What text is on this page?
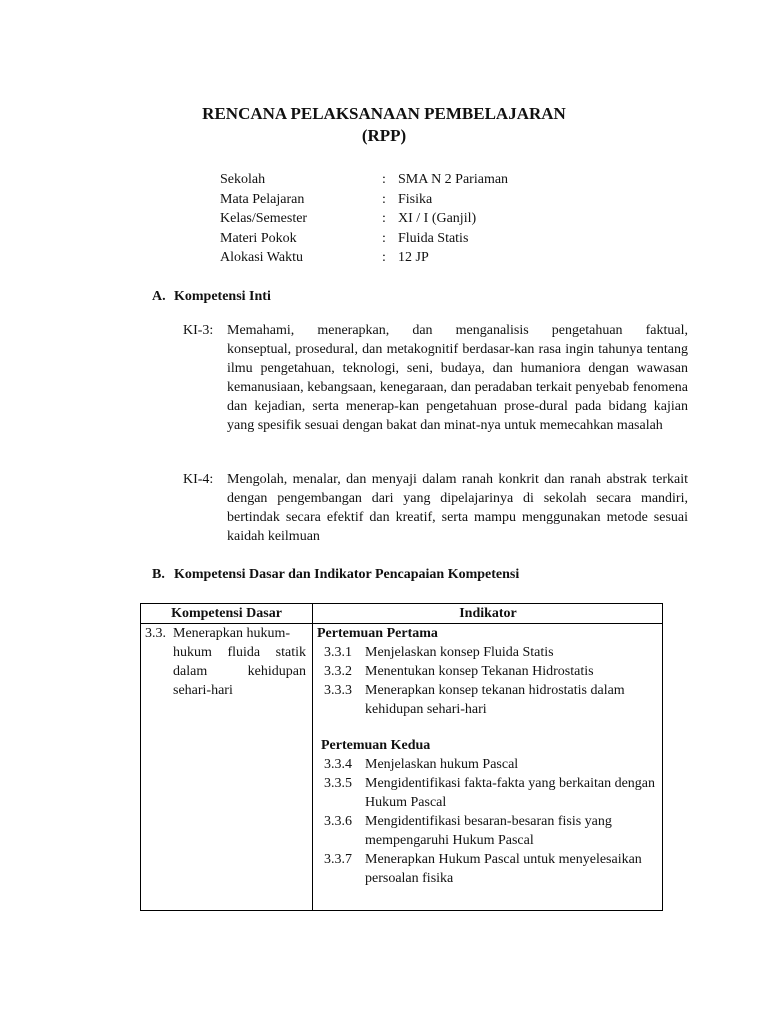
RENCANA PELAKSANAAN PEMBELAJARAN
(RPP)
Sekolah	: SMA N 2 Pariaman
Mata Pelajaran	: Fisika
Kelas/Semester	: XI / I (Ganjil)
Materi Pokok	: Fluida Statis
Alokasi Waktu	: 12 JP
A. Kompetensi Inti
KI-3: Memahami, menerapkan, dan menganalisis pengetahuan faktual,
konseptual, prosedural, dan metakognitif berdasar-kan rasa ingin tahunya tentang ilmu pengetahuan, teknologi, seni, budaya, dan humaniora dengan wawasan kemanusiaan, kebangsaan, kenegaraan, dan peradaban terkait penyebab fenomena dan kejadian, serta menerap-kan pengetahuan prose-dural pada bidang kajian yang spesifik sesuai dengan bakat dan minat-nya untuk memecahkan masalah
KI-4: Mengolah, menalar, dan menyaji dalam ranah konkrit dan ranah abstrak terkait dengan pengembangan dari yang dipelajarinya di sekolah secara mandiri, bertindak secara efektif dan kreatif, serta mampu menggunakan metode sesuai kaidah keilmuan
B. Kompetensi Dasar dan Indikator Pencapaian Kompetensi
Kompetensi Dasar	Indikator
3.3. Menerapkan hukum-
hukum fluida statik
dalam kehidupan
sehari-hari
Pertemuan Pertama
3.3.1 Menjelaskan konsep Fluida Statis
3.3.2 Menentukan konsep Tekanan Hidrostatis
3.3.3 Menerapkan konsep tekanan hidrostatis dalam kehidupan sehari-hari
Pertemuan Kedua
3.3.4 Menjelaskan hukum Pascal
3.3.5 Mengidentifikasi fakta-fakta yang berkaitan dengan Hukum Pascal
3.3.6 Mengidentifikasi besaran-besaran fisis yang mempengaruhi Hukum Pascal
3.3.7 Menerapkan Hukum Pascal untuk menyelesaikan persoalan fisika
